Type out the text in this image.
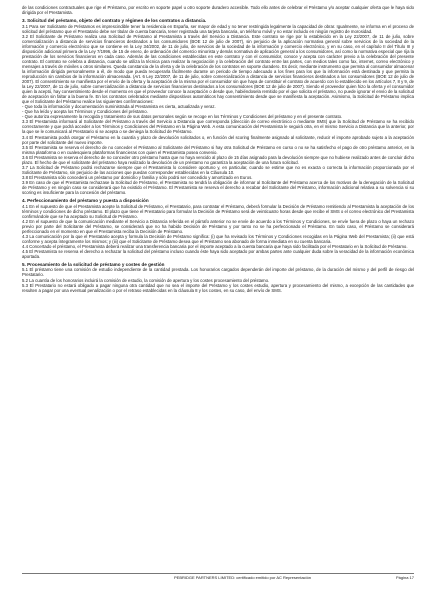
de las condiciones contractuales que rige el Préstamo, por escrito en soporte papel u otro soporte duradero accesible. Todo ello antes de celebrar el Préstamo y/o aceptar cualquier oferta que le haya sido dirigida por el Prestamista.

3. Solicitud del préstamo, objeto del contrato y régimen de los contratos a distancia.

3.1 Para ser Solicitante de Préstamos es imprescindible tener la residencia en España, ser mayor de edad y no tener restringida legalmente la capacidad de obrar. Igualmente, se informa en el proceso de solicitud del préstamo que el Prestatario debe ser titular de cuenta bancaria, tener registrada una tarjeta bancaria, un teléfono móvil y no estar incluido en ningún registro de morosidad.

3.2 El Solicitante de Préstamo realiza una Solicitud de Préstamo al Prestamista a través del Servicio a Distancia. Este contrato se rige por lo establecido en la Ley 22/2007, de 11 de julio, sobre comercialización a distancia de servicios financieros destinados a los consumidores (BOE 12 de julio de 2007), sin perjuicio de la aplicación normativa general sobre servicios de la sociedad de la información y comercio electrónico que se contiene en la Ley 34/2002, de 11 de julio, de servicios de la sociedad de la información y comercio electrónico, y en su caso, en el capítulo II del Título III y disposición adicional primera de la Ley 7/1996, de 15 de enero, de ordenación del comercio minorista y demás normativa de aplicación general a los consumidores, así como la normativa especial que rija la prestación de los servicios financieros en cada caso. Además de las condiciones establecidas en este contrato y con el consumidor, conoce y acepta con carácter previo a la celebración del presente contrato. El contrato se celebra a distancia, cuando se utiliza la técnica para realizar la negociación y la celebración del contrato entre las partes, con medios tales como fax, internet, correo electrónico y mensajes a través de móviles u otros similares. Queda constancia de la oferta y de la celebración de los contratos en soporte duradero. Es decir, mediante instrumento que permita al consumidor almacenar la información dirigida personalmente a él, de modo que pueda recuperarla fácilmente durante un periodo de tiempo adecuado a los fines para los que la información está destinada y que permita la reproducción sin cambios de la información almacenada. (Art. 6 Ley 22/2007, de 11 de julio, sobre comercialización a distancia de servicios financieros destinados a los consumidores (BOE 12 de julio de 2007). El consentimiento se manifiesta por el envío de la oferta y la aceptación de la misma por el consumidor sin que haya de constituir el contrato de acuerdo con lo establecido en los artículos 7, 8 y 9, de la Ley 22/2007, de 11 de julio, sobre comercialización a distancia de servicios financieros destinados a los consumidores (BOE 12 de julio de 2007). Siendo el proveedor quien hizo la oferta y el consumidor quien la aceptó, hay consentimiento desde el momento en que el proveedor conoce la aceptación o desde que, habiéndosela remitido por el que solicita el préstamo, no puede ignorar el envío de la solicitud de aceptación sin faltar a la buena fe. En los contratos celebrados mediante dispositivos automáticos hay consentimiento desde que se manifiesta la aceptación. Asimismo, la Solicitud de Préstamo implica que el Solicitante del Préstamo realice las siguientes confirmaciones:

- Que toda la información y documentación suministrada al Prestamista es cierta, actualizada y veraz.

- Que ha leído y acepta los Términos y Condiciones del préstamo.

- Que autoriza expresamente la recogida y tratamiento de sus datos personales según se recoge en los Términos y Condiciones del préstamo y en el presente contrato.

3.3 El Prestamista informará al Solicitante del Préstamo a través del Servicio a Distancia que corresponda (dirección de correo electrónico o mediante SMS) que la Solicitud de Préstamo se ha recibido correctamente y que podrá acceder a los Términos y Condiciones del Préstamo en la Página Web. A esta comunicación del Prestamista le seguirá otra, en el mismo Servicio a Distancia que la anterior, por la que se le comunicará al Prestatario si se acepta o se deniega la Solicitud de Préstamo.

3.4 El Prestamista podrá otorgar el Préstamo en la cuantía y plazo de devolución solicitados o, en función del scoring finalmente asignado al solicitante, reducir el importe aprobado sujeto a la aceptación por parte del solicitante del nuevo importe.

3.5 El Prestamista se reserva el derecho de no conceder el Préstamo al Solicitante del Préstamo si hay otra Solicitud de Préstamo en curso o no se ha satisfecho el pago de otro préstamo anterior, en la misma plataforma o en cualesquiera plataformas financieras con quien el Prestamista posea convenio.

3.6 El Prestamista se reserva el derecho de no conceder otro préstamo hasta que no haya vencido al plazo de 15 días asignado para la devolución siempre que no hubiese realizado antes de concluir dicho plazo. El hecho de que el solicitante del préstamo haya realizado la devolución de un préstamo no garantiza la aceptación de una futura solicitud.

3.7 La Solicitud de Préstamo podrá rechazarse siempre que el Prestamista lo considere oportuno y, en particular, cuando se estime que no es exacta o correcta la información proporcionada por el Solicitante de Préstamo, sin perjuicio de las acciones que puedan corresponder establecidas en la Cláusula 10.

3.8 El Prestamista sólo concederá un préstamo por domicilio y familia y sólo podrá ser concedido y amortizado en Euros.

3.9 En caso de que el Prestamista rechazase la Solicitud de Préstamo, el Prestamista no tendrá la obligación de informar al Solicitante del Préstamo acerca de los motivos de la denegación de la Solicitud de Préstamo y en ningún caso se considerará que ha existido el Préstamo. El Prestamista se reserva el derecho a recabar del Solicitante del Préstamo, información adicional relativa a su solvencia si su scoring es insuficiente para la concesión del préstamo.

4. Perfeccionamiento del préstamo y puesta a disposición

4.1 En el supuesto de que el Prestamista acepte la Solicitud de Préstamo, el Prestatario, para contratar el Préstamo, deberá formular la Decisión de Préstamo remitiendo al Prestamista la aceptación de los términos y condiciones de dicho préstamo. El plazo que tiene el Prestatario para formular la Decisión de Préstamo será de veinticuatro horas desde que recibe el SMS o el correo electrónico del Prestamista confirmándole que se ha aceptado su Solicitud de Préstamo.

4.2 En el supuesto de que la comunicación mediante el Servicio a Distancia referida en el párrafo anterior no se envíe de acuerdo a los Términos y Condiciones, se envíe fuera de plazo o haya un rechazo previo por parte del Solicitante del Préstamo, se considerará que no ha habido Decisión de Préstamo y por tanto no se ha perfeccionado el Préstamo. En todo caso, el Préstamo se considerará perfeccionado en el momento en que el Prestamista reciba la Decisión de Préstamo.

4.3 La comunicación por la que el Prestatario acepta y formula la Decisión de Préstamo significa: (i) que ha revisado los Términos y Condiciones recogidas en la Página Web del Prestamista; (ii) que está conforme y acepta íntegramente los mismos; y (iii) que el Solicitante de Préstamo desea que el Préstamo sea abonado de forma inmediata en su cuenta bancaria.

4.4 Concertado el préstamo, el Prestamista deberá realizar una transferencia bancaria por el importe aceptado a la cuenta bancaria que haya sido facilitada por el Prestatario en la Solicitud de Préstamo.

4.5 El Prestamista se reserva el derecho a rechazar la solicitud del préstamo incluso cuando éste haya sido aceptado por ambas partes ante cualquier duda sobre la veracidad de la información económica aportada.

5. Procesamiento de la solicitud de préstamo y costes de gestión

5.1 El préstamo tiene una comisión de estudio independiente de la cantidad prestada. Los honorarios cargados dependerán del importe del préstamo, de la duración del mismo y del perfil de riesgo del Prestatario.

5.2 La cuantía de los honorarios incluirá la comisión de estudio, la comisión de apertura y los costes procesamiento del préstamo.

5.3 El Prestatario no estará obligado a pagar ninguna otra cantidad que no sea el importe del Préstamo y los costes estudio, apertura y procesamiento del mismo, a excepción de las cantidades que resulten a pagar por una eventual penalización o por el retraso establecidas en la cláusula 8 y los costes, en su caso, del envío de SMS.

PEBRIDGE PARTNERS LIMITED: certificado emitido por AC Representación	Página 17
